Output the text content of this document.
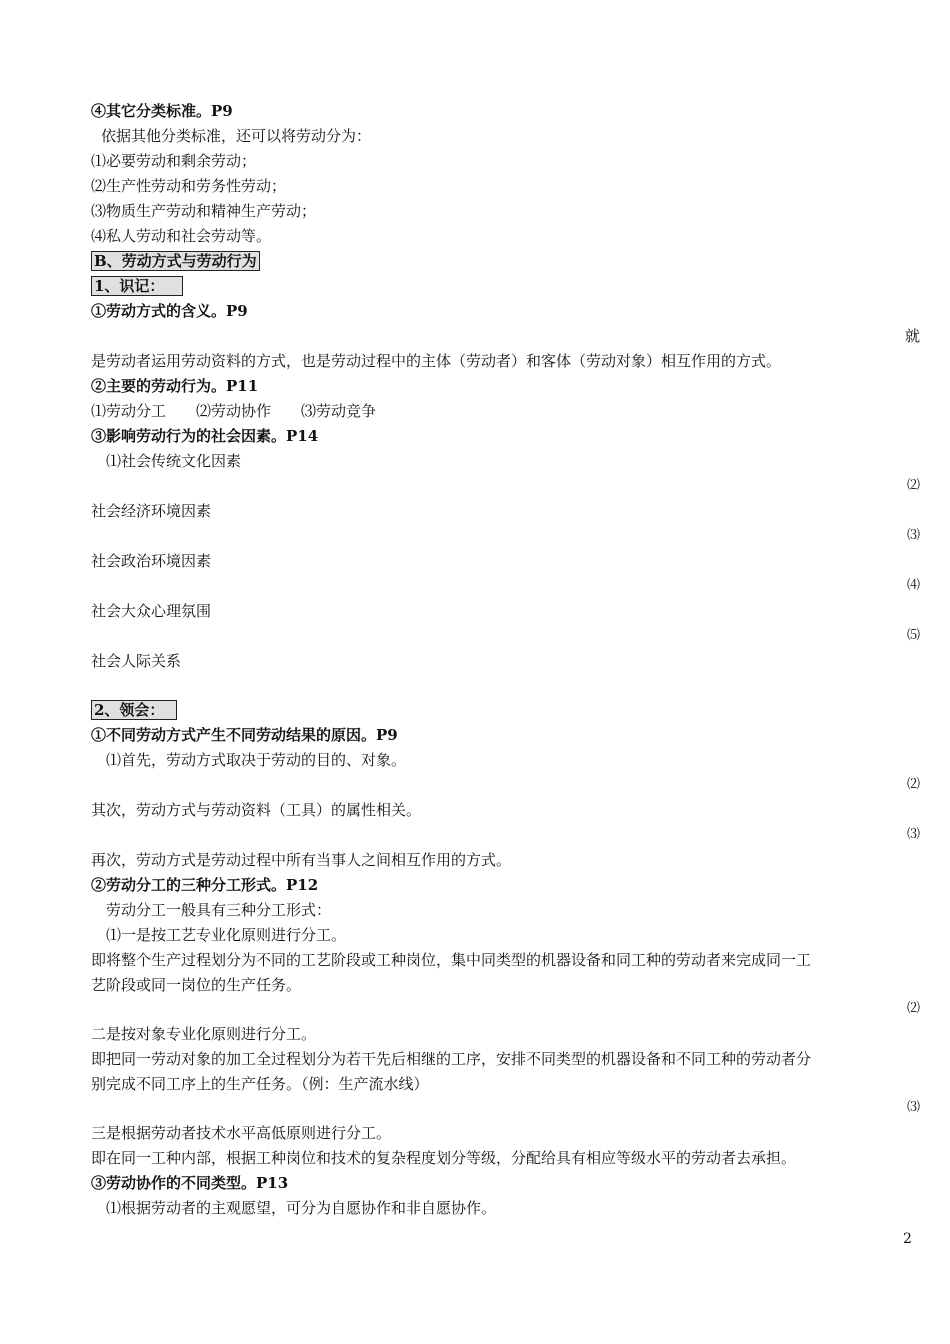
④其它分类标准。P9
依据其他分类标准，还可以将劳动分为：
⑴必要劳动和剩余劳动；
⑵生产性劳动和劳务性劳动；
⑶物质生产劳动和精神生产劳动；
⑷私人劳动和社会劳动等。
B、劳动方式与劳动行为
1、识记：
①劳动方式的含义。P9
就
是劳动者运用劳动资料的方式，也是劳动过程中的主体（劳动者）和客体（劳动对象）相互作用的方式。
②主要的劳动行为。P11
⑴劳动分工　　⑵劳动协作　　⑶劳动竞争
③影响劳动行为的社会因素。P14
⑴社会传统文化因素
⑵
社会经济环境因素
⑶
社会政治环境因素
⑷
社会大众心理氛围
⑸
社会人际关系
2、领会：
①不同劳动方式产生不同劳动结果的原因。P9
⑴首先，劳动方式取决于劳动的目的、对象。
⑵
其次，劳动方式与劳动资料（工具）的属性相关。
⑶
再次，劳动方式是劳动过程中所有当事人之间相互作用的方式。
②劳动分工的三种分工形式。P12
劳动分工一般具有三种分工形式：
⑴一是按工艺专业化原则进行分工。
即将整个生产过程划分为不同的工艺阶段或工种岗位，集中同类型的机器设备和同工种的劳动者来完成同一工
艺阶段或同一岗位的生产任务。
⑵
二是按对象专业化原则进行分工。
即把同一劳动对象的加工全过程划分为若干先后相继的工序，安排不同类型的机器设备和不同工种的劳动者分
别完成不同工序上的生产任务。（例：生产流水线）
⑶
三是根据劳动者技术水平高低原则进行分工。
即在同一工种内部，根据工种岗位和技术的复杂程度划分等级，分配给具有相应等级水平的劳动者去承担。
③劳动协作的不同类型。P13
⑴根据劳动者的主观愿望，可分为自愿协作和非自愿协作。
2
